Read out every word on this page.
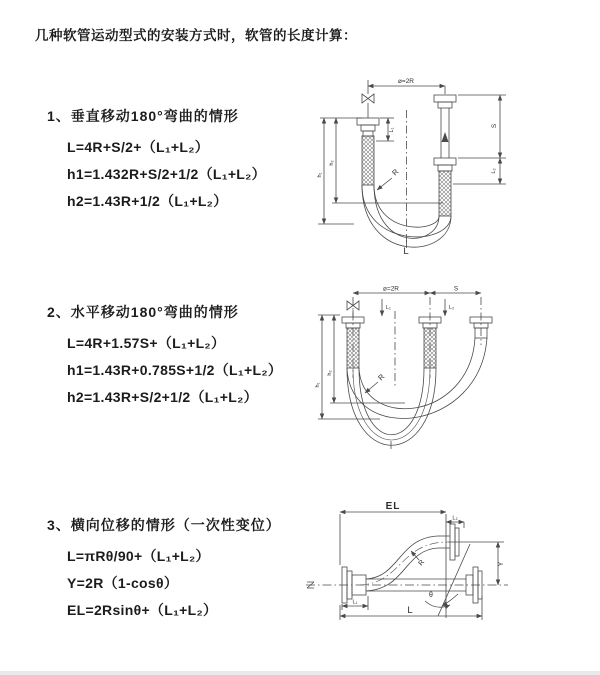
几种软管运动型式的安装方式时，软管的长度计算：
1、垂直移动180°弯曲的情形
L=4R+S/2+（L₁+L₂）
h1=1.432R+S/2+1/2（L₁+L₂）
h2=1.43R+1/2（L₁+L₂）
2、水平移动180°弯曲的情形
L=4R+1.57S+（L₁+L₂）
h1=1.43R+0.785S+1/2（L₁+L₂）
h2=1.43R+S/2+1/2（L₁+L₂）
3、横向位移的情形（一次性变位）
L=πRθ/90+（L₁+L₂）
Y=2R（1-cosθ）
EL=2Rsinθ+（L₁+L₂）
⌀=2R
L₁
S
L₂
h₁
h₂
R
L
⌀=2R	S
L₁	L₂
h₁
h₂	R
EL
L₂
Y
R
θ
L
L₁
